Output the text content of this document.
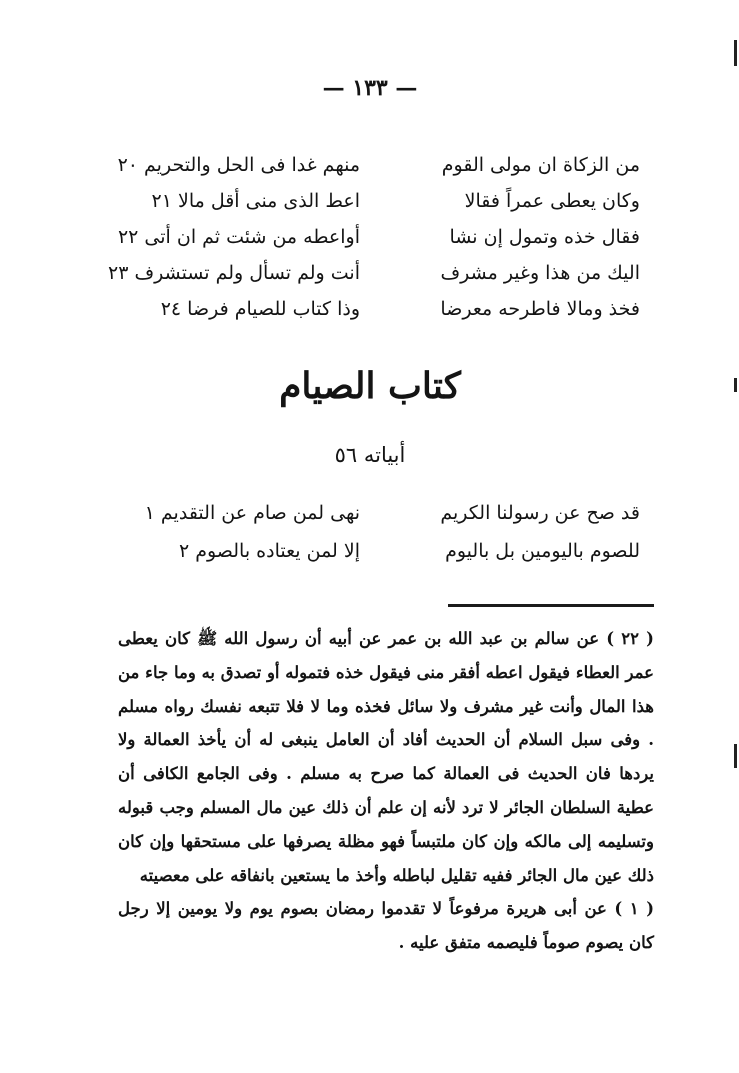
— ١٣٣ —
من الزكاة ان مولى القوم
منهم غدا فى الحل والتحريم ٢٠
وكان يعطى عمراً فقالا
اعط الذى منى أقل مالا ٢١
فقال خذه وتمول إن نشا
أواعطه من شئت ثم ان أتى ٢٢
اليك من هذا وغير مشرف
أنت ولم تسأل ولم تستشرف ٢٣
فخذ ومالا فاطرحه معرضا
وذا كتاب للصيام فرضا ٢٤
كتاب الصيام
أبياته ٥٦
قد صح عن رسولنا الكريم
نهى لمن صام عن التقديم ١
للصوم باليومين بل باليوم
إلا لمن يعتاده بالصوم ٢

( ٢٢ ) عن سالم بن عبد الله بن عمر عن أبيه أن رسول الله ﷺ كان يعطى عمر العطاء فيقول اعطه أفقر منى فيقول خذه فتموله أو تصدق به وما جاء من هذا المال وأنت غير مشرف ولا سائل فخذه وما لا فلا تتبعه نفسك رواه مسلم . وفى سبل السلام أن الحديث أفاد أن العامل ينبغى له أن يأخذ العمالة ولا يردها فان الحديث فى العمالة كما صرح به مسلم . وفى الجامع الكافى أن عطية السلطان الجائر لا ترد لأنه إن علم أن ذلك عين مال المسلم وجب قبوله وتسليمه إلى مالكه وإن كان ملتبساً فهو مظلة يصرفها على مستحقها وإن كان ذلك عين مال الجائر ففيه تقليل لباطله وأخذ ما يستعين بانفاقه على معصيته

( ١ ) عن أبى هريرة مرفوعاً لا تقدموا رمضان بصوم يوم ولا يومين إلا رجل كان يصوم صوماً فليصمه متفق عليه .
